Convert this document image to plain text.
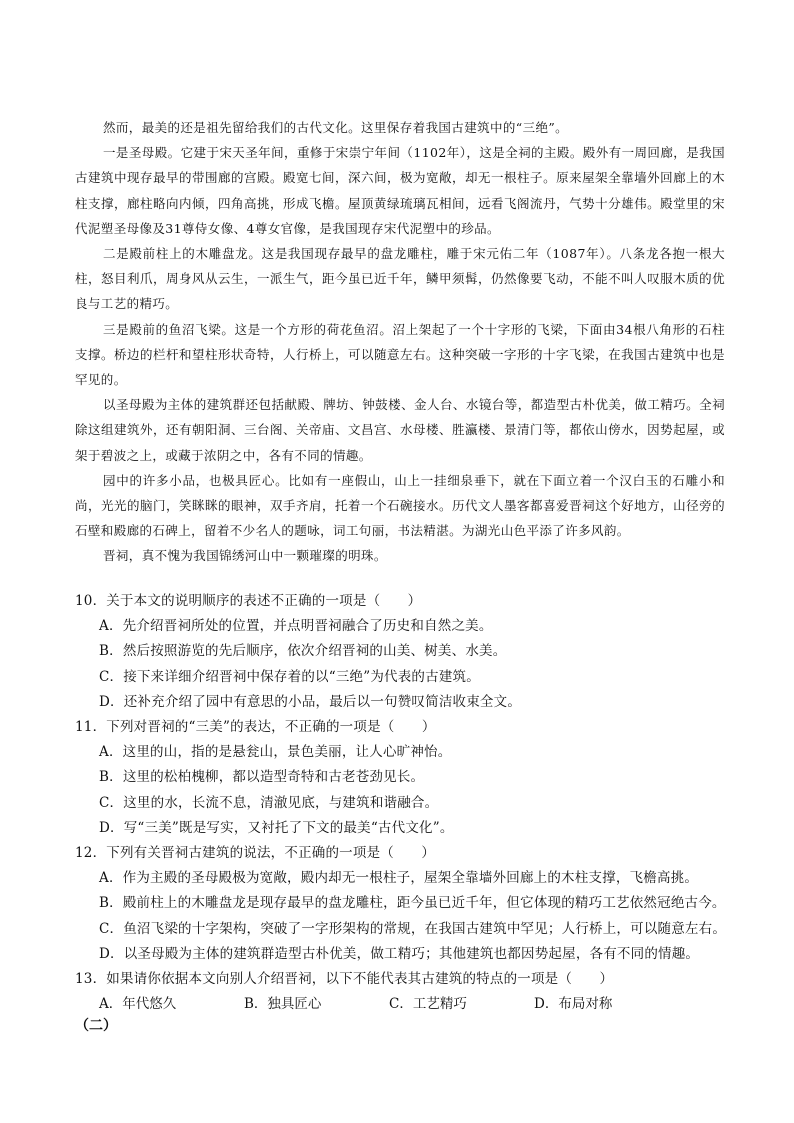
然而，最美的还是祖先留给我们的古代文化。这里保存着我国古建筑中的“三绝”。

一是圣母殿。它建于宋天圣年间，重修于宋崇宁年间（1102年），这是全祠的主殿。殿外有一周回廊，是我国古建筑中现存最早的带围廊的宫殿。殿宽七间，深六间，极为宽敞，却无一根柱子。原来屋架全靠墙外回廊上的木柱支撑，廊柱略向内倾，四角高挑，形成飞檐。屋顶黄绿琉璃瓦相间，远看飞阁流丹，气势十分雄伟。殿堂里的宋代泥塑圣母像及31尊侍女像、4尊女官像，是我国现存宋代泥塑中的珍品。

二是殿前柱上的木雕盘龙。这是我国现存最早的盘龙雕柱，雕于宋元佑二年（1087年）。八条龙各抱一根大柱，怒目利爪，周身风从云生，一派生气，距今虽已近千年，鳞甲须髯，仍然像要飞动，不能不叫人叹服木质的优良与工艺的精巧。

三是殿前的鱼沼飞梁。这是一个方形的荷花鱼沼。沼上架起了一个十字形的飞梁，下面由34根八角形的石柱支撑。桥边的栏杆和望柱形状奇特，人行桥上，可以随意左右。这种突破一字形的十字飞梁，在我国古建筑中也是罕见的。

以圣母殿为主体的建筑群还包括献殿、牌坊、钟鼓楼、金人台、水镜台等，都造型古朴优美，做工精巧。全祠除这组建筑外，还有朝阳洞、三台阁、关帝庙、文昌宫、水母楼、胜瀛楼、景清门等，都依山傍水，因势起屋，或架于碧波之上，或藏于浓阴之中，各有不同的情趣。

园中的许多小品，也极具匠心。比如有一座假山，山上一挂细泉垂下，就在下面立着一个汉白玉的石雕小和尚，光光的脑门，笑眯眯的眼神，双手齐肩，托着一个石碗接水。历代文人墨客都喜爱晋祠这个好地方，山径旁的石壁和殿廊的石碑上，留着不少名人的题咏，词工句丽，书法精湛。为湖光山色平添了许多风韵。

晋祠，真不愧为我国锦绣河山中一颗璀璨的明珠。

10．关于本文的说明顺序的表述不正确的一项是（　　）

A．先介绍晋祠所处的位置，并点明晋祠融合了历史和自然之美。

B．然后按照游览的先后顺序，依次介绍晋祠的山美、树美、水美。

C．接下来详细介绍晋祠中保存着的以“三绝”为代表的古建筑。

D．还补充介绍了园中有意思的小品，最后以一句赞叹简洁收束全文。

11．下列对晋祠的“三美”的表达，不正确的一项是（　　）

A．这里的山，指的是悬瓮山，景色美丽，让人心旷神怡。

B．这里的松柏槐柳，都以造型奇特和古老苍劲见长。

C．这里的水，长流不息，清澈见底，与建筑和谐融合。

D．写“三美”既是写实，又衬托了下文的最美“古代文化”。

12．下列有关晋祠古建筑的说法，不正确的一项是（　　）

A．作为主殿的圣母殿极为宽敞，殿内却无一根柱子，屋架全靠墙外回廊上的木柱支撑，飞檐高挑。

B．殿前柱上的木雕盘龙是现存最早的盘龙雕柱，距今虽已近千年，但它体现的精巧工艺依然冠绝古今。

C．鱼沼飞梁的十字架构，突破了一字形架构的常规，在我国古建筑中罕见；人行桥上，可以随意左右。

D．以圣母殿为主体的建筑群造型古朴优美，做工精巧；其他建筑也都因势起屋，各有不同的情趣。

13．如果请你依据本文向别人介绍晋祠，以下不能代表其古建筑的特点的一项是（　　）

A．年代悠久	B．独具匠心	C．工艺精巧	D．布局对称
（二）
